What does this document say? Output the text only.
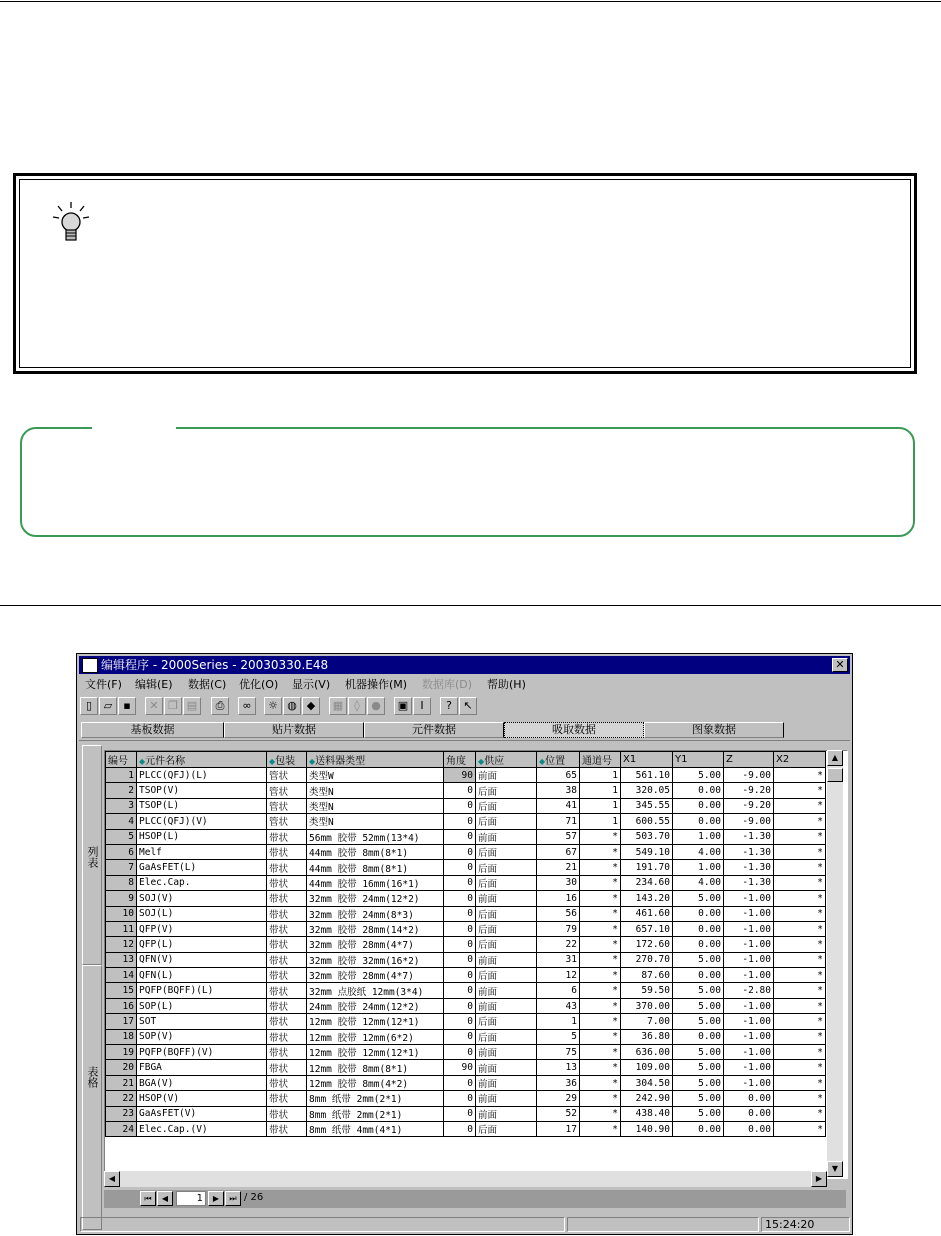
编辑程序 - 2000Series - 20030330.E48	✕
文件(F) 编辑(E) 数据(C) 优化(O) 显示(V) 机器操作(M) 数据库(D) 帮助(H)
▯	▱	▪	✕ ❐ ▤	⎙	∞	☼ ◍ ◆	▦	◊	●	▣	Ⅰ	?	↖
基板数据	贴片数据	元件数据	吸取数据	图象数据
列表
表格
编号	◆元件名称	◆包装	◆送料器类型	角度	◆供应	◆位置	通道号	X1	Y1	Z	X2
1	PLCC(QFJ)(L)	管状	类型W	90	前面	65	1	561.10	5.00	-9.00	*
2	TSOP(V)	管状	类型N	0	后面	38	1	320.05	0.00	-9.20	*
3	TSOP(L)	管状	类型N	0	后面	41	1	345.55	0.00	-9.20	*
4	PLCC(QFJ)(V)	管状	类型N	0	后面	71	1	600.55	0.00	-9.00	*
5	HSOP(L)	带状	56mm 胶带 52mm(13*4)	0	前面	57	*	503.70	1.00	-1.30	*
6	Melf	带状	44mm 胶带 8mm(8*1)	0	后面	67	*	549.10	4.00	-1.30	*
7	GaAsFET(L)	带状	44mm 胶带 8mm(8*1)	0	后面	21	*	191.70	1.00	-1.30	*
8	Elec.Cap.	带状	44mm 胶带 16mm(16*1)	0	后面	30	*	234.60	4.00	-1.30	*
9	SOJ(V)	带状	32mm 胶带 24mm(12*2)	0	前面	16	*	143.20	5.00	-1.00	*
10	SOJ(L)	带状	32mm 胶带 24mm(8*3)	0	后面	56	*	461.60	0.00	-1.00	*
11	QFP(V)	带状	32mm 胶带 28mm(14*2)	0	后面	79	*	657.10	0.00	-1.00	*
12	QFP(L)	带状	32mm 胶带 28mm(4*7)	0	后面	22	*	172.60	0.00	-1.00	*
13	QFN(V)	带状	32mm 胶带 32mm(16*2)	0	前面	31	*	270.70	5.00	-1.00	*
14	QFN(L)	带状	32mm 胶带 28mm(4*7)	0	后面	12	*	87.60	0.00	-1.00	*
15	PQFP(BQFF)(L)	带状	32mm 点胶纸 12mm(3*4)	0	前面	6	*	59.50	5.00	-2.80	*
16	SOP(L)	带状	24mm 胶带 24mm(12*2)	0	前面	43	*	370.00	5.00	-1.00	*
17	SOT	带状	12mm 胶带 12mm(12*1)	0	后面	1	*	7.00	5.00	-1.00	*
18	SOP(V)	带状	12mm 胶带 12mm(6*2)	0	后面	5	*	36.80	0.00	-1.00	*
19	PQFP(BQFF)(V)	带状	12mm 胶带 12mm(12*1)	0	前面	75	*	636.00	5.00	-1.00	*
20	FBGA	带状	12mm 胶带 8mm(8*1)	90	前面	13	*	109.00	5.00	-1.00	*
21	BGA(V)	带状	12mm 胶带 8mm(4*2)	0	前面	36	*	304.50	5.00	-1.00	*
22	HSOP(V)	带状	8mm 纸带 2mm(2*1)	0	前面	29	*	242.90	5.00	0.00	*
23	GaAsFET(V)	带状	8mm 纸带 2mm(2*1)	0	前面	52	*	438.40	5.00	0.00	*
24	Elec.Cap.(V)	带状	8mm 纸带 4mm(4*1)	0	后面	17	*	140.90	0.00	0.00	*
▲
▼
◀	▶
⏮	◀	1	▶	⏭ / 26
15:24:20
